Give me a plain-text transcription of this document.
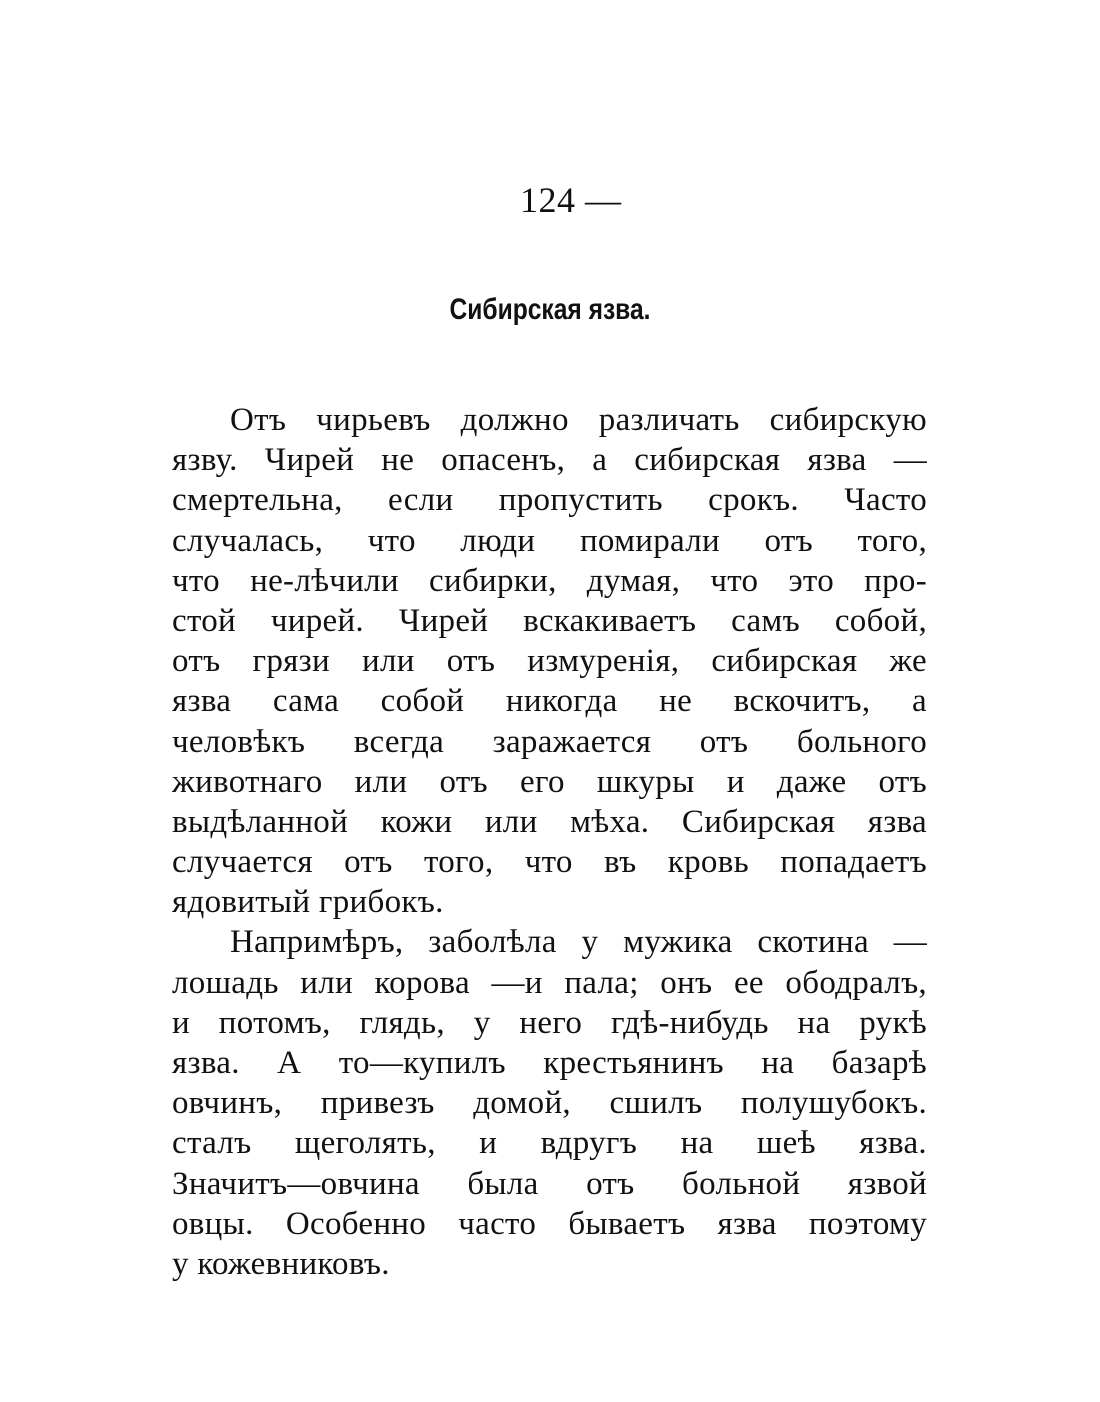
124 —
Сибирская язва.
Отъ чирьевъ должно различать сибирскую
язву. Чирей не опасенъ, а сибирская язва —
смертельна, если пропустить срокъ. Часто
случалась, что люди помирали отъ того,
что не-лѣчили сибирки, думая, что это про-
стой чирей. Чирей вскакиваетъ самъ собой,
отъ грязи или отъ измуренія, сибирская же
язва сама собой никогда не вскочитъ, а
человѣкъ всегда заражается отъ больного
животнаго или отъ его шкуры и даже отъ
выдѣланной кожи или мѣха. Сибирская язва
случается отъ того, что въ кровь попадаетъ
ядовитый грибокъ.
Напримѣръ, заболѣла у мужика скотина —
лошадь или корова —и пала; онъ ее ободралъ,
и потомъ, глядь, у него гдѣ-нибудь на рукѣ
язва. А то—купилъ крестьянинъ на базарѣ
овчинъ, привезъ домой, сшилъ полушубокъ.
сталъ щеголять, и вдругъ на шеѣ язва.
Значитъ—овчина была отъ больной язвой
овцы. Особенно часто бываетъ язва поэтому
у кожевниковъ.
